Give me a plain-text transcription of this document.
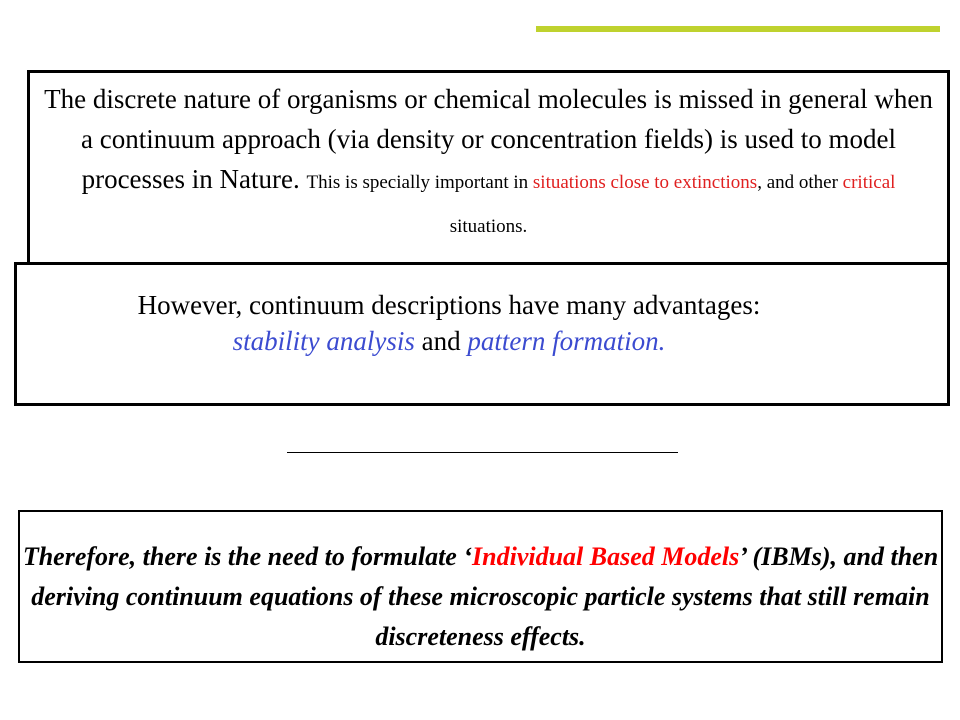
The discrete nature of organisms or chemical molecules is missed in general when a continuum approach (via density or concentration fields) is used to model processes in Nature. This is specially important in situations close to extinctions, and other critical situations.
However, continuum descriptions have many advantages:
stability analysis and pattern formation.
Therefore, there is the need to formulate ‘Individual Based Models’ (IBMs), and then deriving continuum equations of these microscopic particle systems that still remain discreteness effects.
